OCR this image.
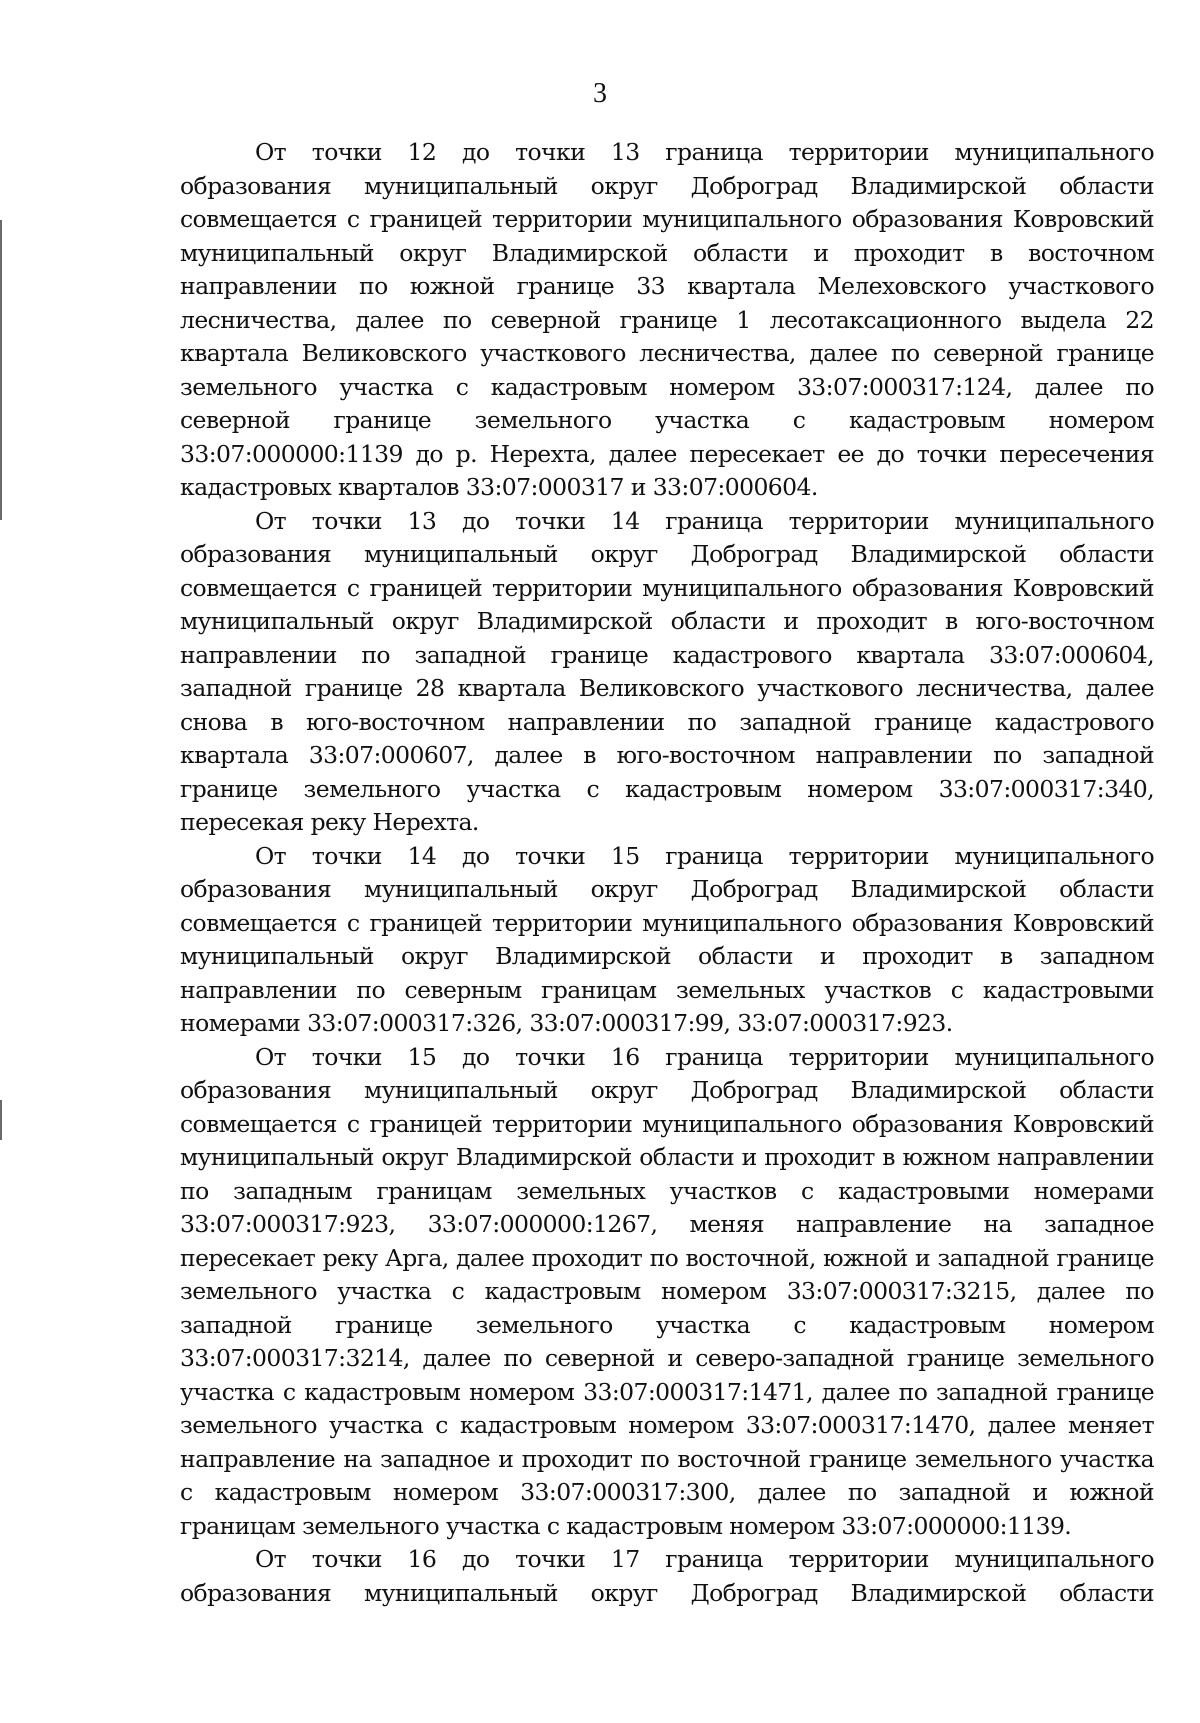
3

От точки 12 до точки 13 граница территории муниципального образования муниципальный округ Доброград Владимирской области совмещается с границей территории муниципального образования Ковровский муниципальный округ Владимирской области и проходит в восточном направлении по южной границе 33 квартала Мелеховского участкового лесничества, далее по северной границе 1 лесотаксационного выдела 22 квартала Великовского участкового лесничества, далее по северной границе земельного участка с кадастровым номером 33:07:000317:124, далее по северной границе земельного участка с кадастровым номером 33:07:000000:1139 до р. Нерехта, далее пересекает ее до точки пересечения кадастровых кварталов 33:07:000317 и 33:07:000604.

От точки 13 до точки 14 граница территории муниципального образования муниципальный округ Доброград Владимирской области совмещается с границей территории муниципального образования Ковровский муниципальный округ Владимирской области и проходит в юго-восточном направлении по западной границе кадастрового квартала 33:07:000604, западной границе 28 квартала Великовского участкового лесничества, далее снова в юго-восточном направлении по западной границе кадастрового квартала 33:07:000607, далее в юго-восточном направлении по западной границе земельного участка с кадастровым номером 33:07:000317:340, пересекая реку Нерехта.

От точки 14 до точки 15 граница территории муниципального образования муниципальный округ Доброград Владимирской области совмещается с границей территории муниципального образования Ковровский муниципальный округ Владимирской области и проходит в западном направлении по северным границам земельных участков с кадастровыми номерами 33:07:000317:326, 33:07:000317:99, 33:07:000317:923.

От точки 15 до точки 16 граница территории муниципального образования муниципальный округ Доброград Владимирской области совмещается с границей территории муниципального образования Ковровский муниципальный округ Владимирской области и проходит в южном направлении по западным границам земельных участков с кадастровыми номерами 33:07:000317:923, 33:07:000000:1267, меняя направление на западное пересекает реку Арга, далее проходит по восточной, южной и западной границе земельного участка с кадастровым номером 33:07:000317:3215, далее по западной границе земельного участка с кадастровым номером 33:07:000317:3214, далее по северной и северо-западной границе земельного участка с кадастровым номером 33:07:000317:1471, далее по западной границе земельного участка с кадастровым номером 33:07:000317:1470, далее меняет направление на западное и проходит по восточной границе земельного участка с кадастровым номером 33:07:000317:300, далее по западной и южной границам земельного участка с кадастровым номером 33:07:000000:1139.

От точки 16 до точки 17 граница территории муниципального образования муниципальный округ Доброград Владимирской области
